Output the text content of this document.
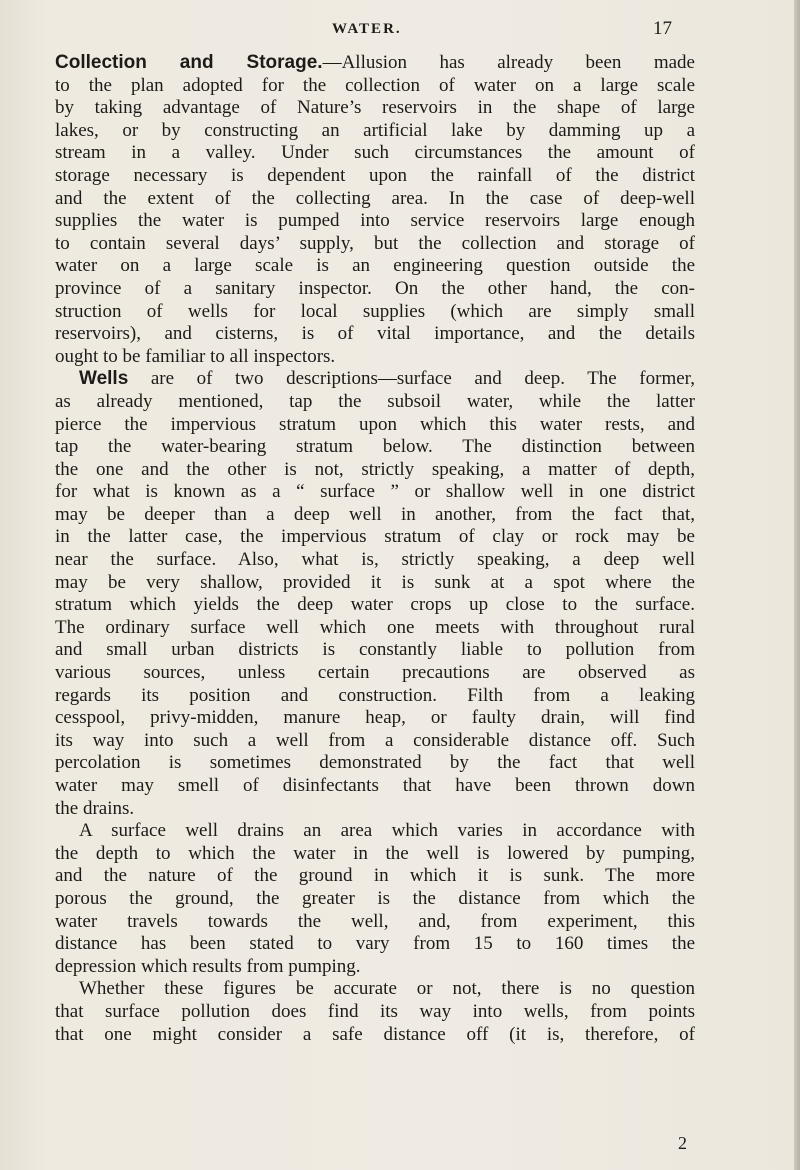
WATER.	17
Collection and Storage.—Allusion has already been made
to the plan adopted for the collection of water on a large scale
by taking advantage of Nature’s reservoirs in the shape of large
lakes, or by constructing an artificial lake by damming up a
stream in a valley. Under such circumstances the amount of
storage necessary is dependent upon the rainfall of the district
and the extent of the collecting area. In the case of deep-well
supplies the water is pumped into service reservoirs large enough
to contain several days’ supply, but the collection and storage of
water on a large scale is an engineering question outside the
province of a sanitary inspector. On the other hand, the con-
struction of wells for local supplies (which are simply small
reservoirs), and cisterns, is of vital importance, and the details
ought to be familiar to all inspectors.
Wells are of two descriptions—surface and deep. The former,
as already mentioned, tap the subsoil water, while the latter
pierce the impervious stratum upon which this water rests, and
tap the water-bearing stratum below. The distinction between
the one and the other is not, strictly speaking, a matter of depth,
for what is known as a “ surface ” or shallow well in one district
may be deeper than a deep well in another, from the fact that,
in the latter case, the impervious stratum of clay or rock may be
near the surface. Also, what is, strictly speaking, a deep well
may be very shallow, provided it is sunk at a spot where the
stratum which yields the deep water crops up close to the surface.
The ordinary surface well which one meets with throughout rural
and small urban districts is constantly liable to pollution from
various sources, unless certain precautions are observed as
regards its position and construction. Filth from a leaking
cesspool, privy-midden, manure heap, or faulty drain, will find
its way into such a well from a considerable distance off. Such
percolation is sometimes demonstrated by the fact that well
water may smell of disinfectants that have been thrown down
the drains.
A surface well drains an area which varies in accordance with
the depth to which the water in the well is lowered by pumping,
and the nature of the ground in which it is sunk. The more
porous the ground, the greater is the distance from which the
water travels towards the well, and, from experiment, this
distance has been stated to vary from 15 to 160 times the
depression which results from pumping.
Whether these figures be accurate or not, there is no question
that surface pollution does find its way into wells, from points
that one might consider a safe distance off (it is, therefore, of
2
